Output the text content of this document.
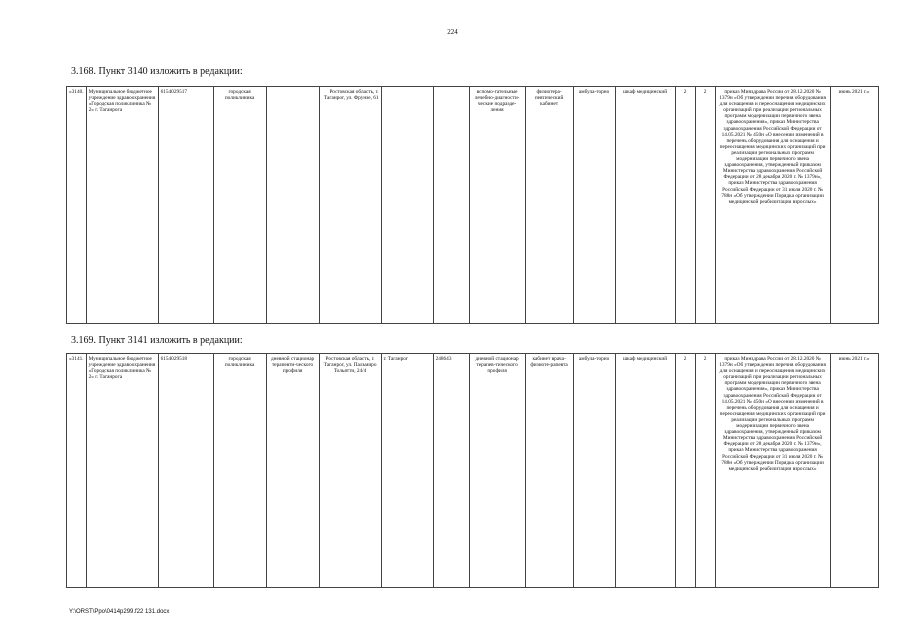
224
3.168. Пункт 3140 изложить в редакции:
«3140.	Муниципальное бюджетное учреждение здравоохранения «Городская поликлиника № 2» г. Таганрога	6154029517	городская поликлиника		Ростовская область, г. Таганрог, ул. Фрунзе, 61			вспомо-гательные лечебно-диагности-ческие подразде-ления	физиотера-певтический кабинет	амбула-торно	шкаф медицинский	2	2	приказ Минздрава России от 28.12.2020 № 1379н «Об утверждении перечня оборудования для оснащения и переоснащения медицинских организаций при реализации региональных программ модернизации первичного звена здравоохранения», приказ Министерства здравоохранения Российской Федерации от 14.05.2021 № 450н «О внесении изменений в перечень оборудования для оснащения и переоснащения медицинских организаций при реализации региональных программ модернизации первичного звена здравоохранения, утвержденный приказом Министерства здравоохранения Российской Федерации от 28 декабря 2020 г. № 1379н», приказ Министерства здравоохранения Российской Федерации от 31 июля 2020 г. № 788н «Об утверждении Порядка организации медицинской реабилитации взрослых»	июнь 2021 г.»
3.169. Пункт 3141 изложить в редакции:
«3141.	Муниципальное бюджетное учреждение здравоохранения «Городская поликлиника № 2» г. Таганрога	6154029518	городская поликлиника	дневной стационар терапевти-ческого профиля	Ростовская область, г. Таганрог, ул. Пальмиро Тольятти, 24/4	г. Таганрог	248643	дневной стационар терапев-тического профиля	кабинет врача-физиоте-рапевта	амбула-торно	шкаф медицинский	2	2	приказ Минздрава России от 28.12.2020 № 1379н «Об утверждении перечня оборудования для оснащения и переоснащения медицинских организаций при реализации региональных программ модернизации первичного звена здравоохранения», приказ Министерства здравоохранения Российской Федерации от 14.05.2021 № 450н «О внесении изменений в перечень оборудования для оснащения и переоснащения медицинских организаций при реализации региональных программ модернизации первичного звена здравоохранения, утвержденный приказом Министерства здравоохранения Российской Федерации от 28 декабря 2020 г. № 1379н», приказ Министерства здравоохранения Российской Федерации от 31 июля 2020 г. № 788н «Об утверждении Порядка организации медицинской реабилитации взрослых»	июнь 2021 г.»
Y:\ORST\Ppo\0414p299.f22 131.docx
